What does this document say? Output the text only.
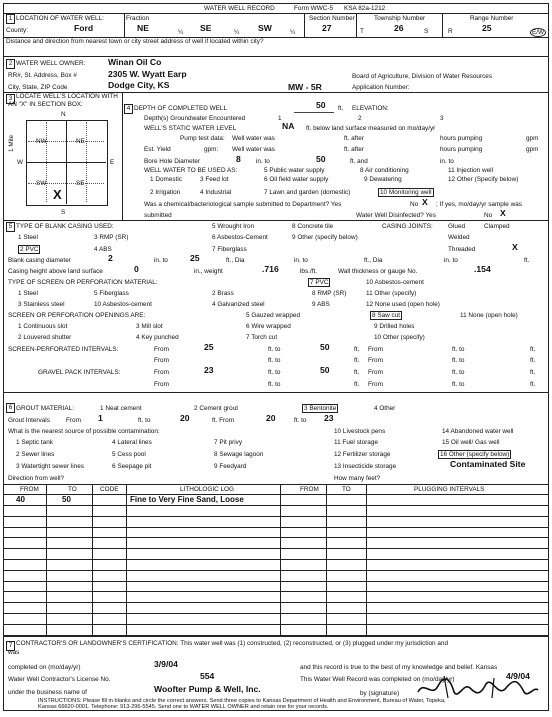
WATER WELL RECORD	Form WWC-5 KSA 82a-1212
1 LOCATION OF WATER WELL:
County:	Ford
Fraction
NE	¼ SE	¼ SW	¼
Section Number
27
Township Number
T	26	S
Range Number
R	25	E/W
Distance and direction from nearest town or city street address of well if located within city?
2 WATER WELL OWNER:	Winan Oil Co
RR#, St. Address, Box #	2305 W. Wyatt Earp	Board of Agriculture, Division of Water Resources
City, State, ZIP Code	Dodge City, KS	Application Number:
MW - 5R
3 LOCATE WELL'S LOCATION WITH
AN "X" IN SECTION BOX:
N
S
W	E
1 Mile	NW	NE
SW	SE
X
4 DEPTH OF COMPLETED WELL	50 ft. ELEVATION:
Depth(s) Groundwater Encountered	1	2	3
WELL'S STATIC WATER LEVEL	NA ft. below land surface measured on mo/day/yr
Pump test data: Well water was	ft. after	hours pumping	gpm
Est. Yield	gpm: Well water was	ft. after	hours pumping	gpm
Bore Hole Diameter	8 in. to	50	ft. and	in. to
WELL WATER TO BE USED AS:	5 Public water supply	8 Air conditioning	11 Injection well
1 Domestic	3 Feed lot	6 Oil field water supply	9 Dewatering	12 Other (Specify below)
2 Irrigation	4 Industrial	7 Lawn and garden (domestic)	10 Monitoring well
Was a chemical/bacteriological sample submitted to Department? Yes	No X ; If yes, mo/day/yr sample was
submitted	Water Well Disinfected? Yes	No X
5 TYPE OF BLANK CASING USED:	5 Wrought Iron	8 Concrete tile	CASING JOINTS: Glued	Clamped
1 Steel	3 RMP (SR)	6 Asbestos-Cement	9 Other (specify below)	Welded
2 PVC	4 ABS	7 Fiberglass	Threaded	X
Blank casing diameter	2	in. to	25	ft., Dia	in. to	ft., Dia	in. to	ft.
Casing height above land surface	0	in., weight	.716	lbs./ft.	Wall thickness or gauge No.	.154
TYPE OF SCREEN OR PERFORATION MATERIAL:	7 PVC	10 Asbestos-cement
1 Steel	5 Fiberglass	2 Brass	8 RMP (SR)	11 Other (specify)
3 Stainless steel	10 Asbestos-cement	4 Galvanized steel	9 ABS	12 None used (open hole)
SCREEN OR PERFORATION OPENINGS ARE:	5 Gauzed wrapped	8 Saw cut	11 None (open hole)
1 Continuous slot	3 Mill slot	6 Wire wrapped	9 Drilled holes
2 Louvered shutter	4 Key punched	7 Torch cut	10 Other (specify)
SCREEN-PERFORATED INTERVALS:	From	25	ft. to	50	ft. From	ft. to	ft.
From	ft. to	ft. From	ft. to	ft.
GRAVEL PACK INTERVALS:	From	23	ft. to	50	ft. From	ft. to	ft.
From	ft. to	ft. From	ft. to	ft.
6 GROUT MATERIAL:	1 Neat cement	2 Cement grout	3 Bentonite	4 Other
Grout Intervals	From 1	ft. to	20	ft. From	20	ft. to 23
What is the nearest source of possible contamination:	10 Livestock pens	14 Abandoned water well
1 Septic tank	4 Lateral lines	7 Pit privy	11 Fuel storage	15 Oil well/ Gas well
2 Sewer lines	5 Cess pool	8 Sewage lagoon	12 Fertilizer storage	16 Other (specify below)
3 Watertight sewer lines	6 Seepage pit	9 Feedyard	13 Insecticide storage	Contaminated Site
Direction from well?	How many feet?
FROM	TO	CODE	LITHOLOGIC LOG	FROM	TO	PLUGGING INTERVALS
40	50	Fine to Very Fine Sand, Loose
7 CONTRACTOR'S OR LANDOWNER'S CERTIFICATION: This water well was (1) constructed, (2) reconstructed, or (3) plugged under my jurisdiction and
was
completed on (mo/day/yr)	3/9/04	and this record is true to the best of my knowledge and belief. Kansas
Water Well Contractor's License No.	554	This Water Well Record was completed on (mo/day/yr)	4/9/04
under the business name of	Woofter Pump & Well, Inc.	by (signature)
INSTRUCTIONS: Please fill in blanks and circle the correct answers. Send three copies to Kansas Department of Health and Environment, Bureau of Water, Topeka,
Kansas 66620-0001. Telephone: 913-296-5545. Send one to WATER WELL OWNER and retain one for your records.
